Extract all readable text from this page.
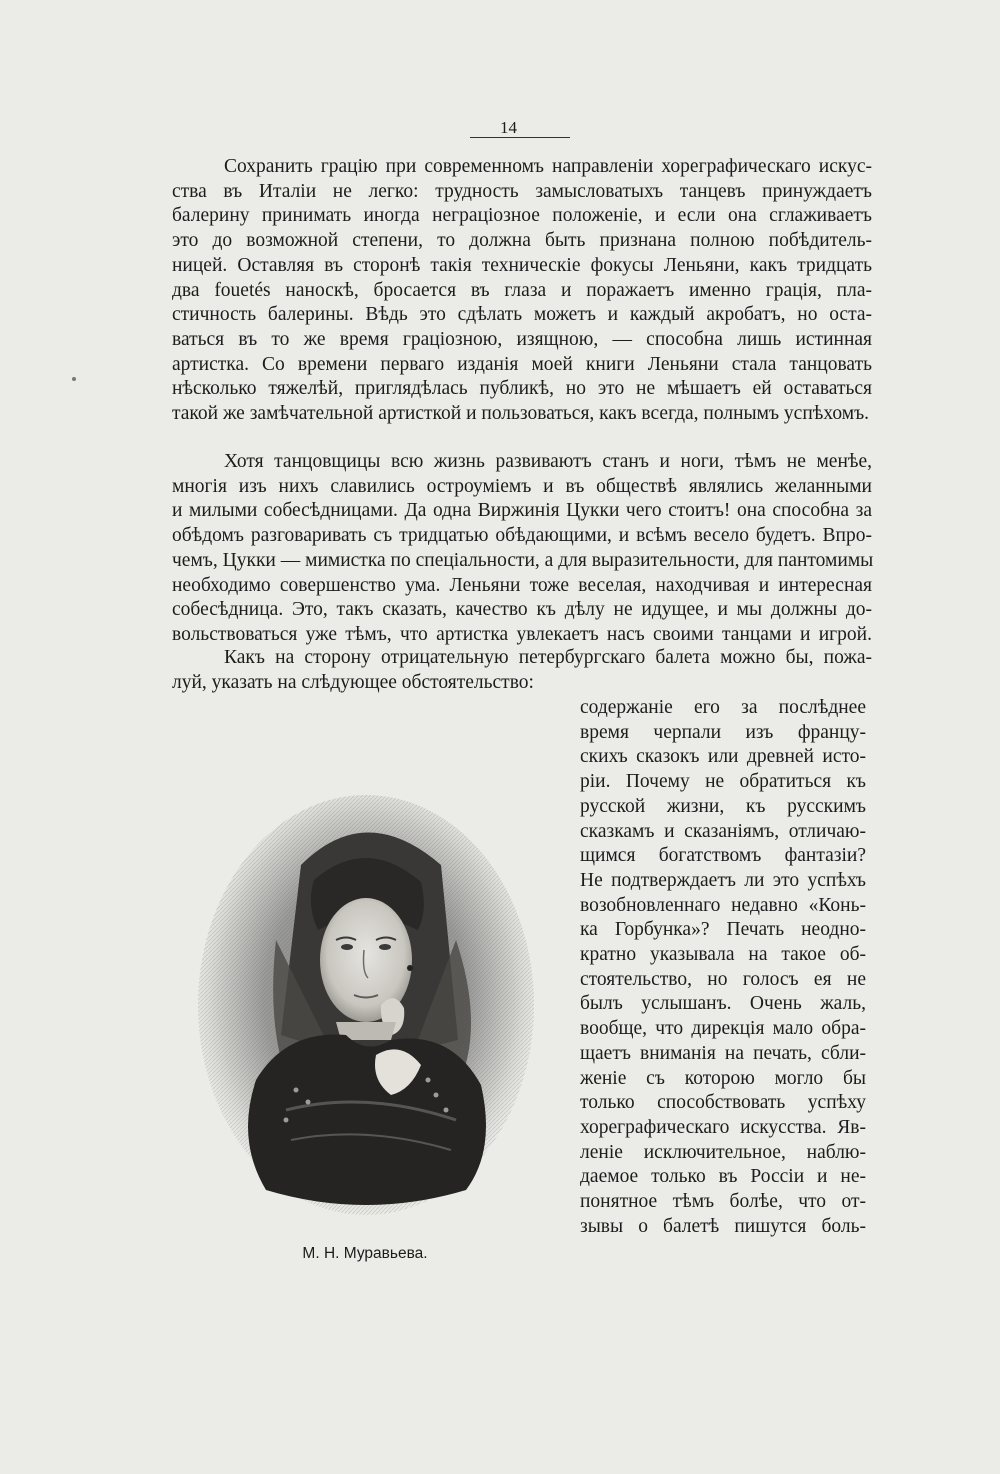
14

Сохранить грацію при современномъ направленіи хореграфическаго искус-
ства въ Италіи не легко: трудность замысловатыхъ танцевъ принуждаетъ
балерину принимать иногда неграціозное положеніе, и если она сглаживаетъ
это до возможной степени, то должна быть признана полною побѣдитель-
ницей. Оставляя въ сторонѣ такія техническіе фокусы Леньяни, какъ тридцать
два fouetés наноскѣ, бросается въ глаза и поражаетъ именно грація, пла-
стичность балерины. Вѣдь это сдѣлать можетъ и каждый акробатъ, но оста-
ваться въ то же время граціозною, изящною, — способна лишь истинная
артистка. Со времени перваго изданія моей книги Леньяни стала танцовать
нѣсколько тяжелѣй, приглядѣлась публикѣ, но это не мѣшаетъ ей оставаться
такой же замѣчательной артисткой и пользоваться, какъ всегда, полнымъ успѣхомъ.

Хотя танцовщицы всю жизнь развиваютъ станъ и ноги, тѣмъ не менѣе,
многія изъ нихъ славились остроуміемъ и въ обществѣ являлись желанными
и милыми собесѣдницами. Да одна Виржинія Цукки чего стоитъ! она способна за
обѣдомъ разговаривать съ тридцатью обѣдающими, и всѣмъ весело будетъ. Впро-
чемъ, Цукки — мимистка по спеціальности, а для выразительности, для пантомимы
необходимо совершенство ума. Леньяни тоже веселая, находчивая и интересная
собесѣдница. Это, такъ сказать, качество къ дѣлу не идущее, и мы должны до-
вольствоваться уже тѣмъ, что артистка увлекаетъ насъ своими танцами и игрой.

Какъ на сторону отрицательную петербургскаго балета можно бы, пожа-
луй, указать на слѣдующее обстоятельство:

содержаніе его за послѣднее
время черпали изъ францу-
скихъ сказокъ или древней исто-
ріи. Почему не обратиться къ
русской жизни, къ русскимъ
сказкамъ и сказаніямъ, отличаю-
щимся богатствомъ фантазіи?
Не подтверждаетъ ли это успѣхъ
возобновленнаго недавно «Конь-
ка Горбунка»? Печать неодно-
кратно указывала на такое об-
стоятельство, но голосъ ея не
былъ услышанъ. Очень жаль,
вообще, что дирекція мало обра-
щаетъ вниманія на печать, сбли-
женіе съ которою могло бы
только способствовать успѣху
хореграфическаго искусства. Яв-
леніе исключительное, наблю-
даемое только въ Россіи и не-
понятное тѣмъ болѣе, что от-
зывы о балетѣ пишутся боль-

М. Н. Муравьева.
